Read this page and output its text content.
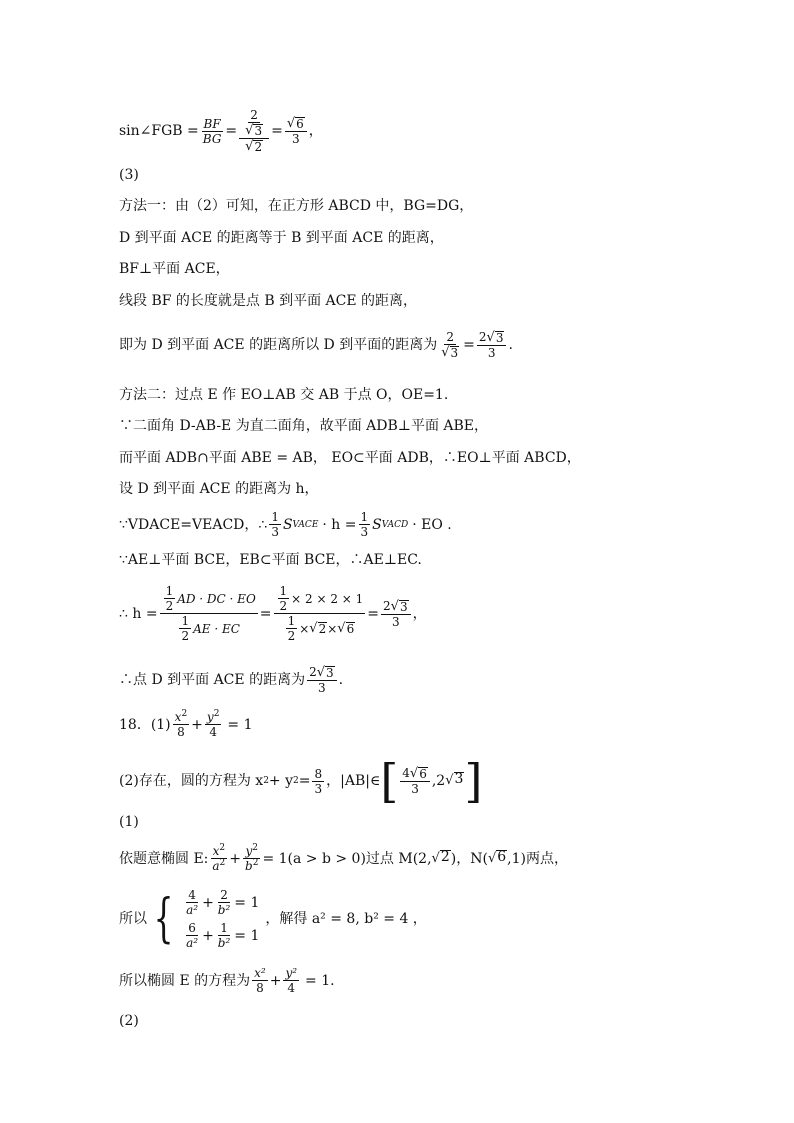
sin∠FGB = $\frac{BF}{BG} = \frac{\frac{2}{√ 3}}{√ 2} = \frac{√ 6}{3}$ ，
(3)
方法一：由（2）可知，在正方形 ABCD 中，BG=DG，
D 到平面 ACE 的距离等于 B 到平面 ACE 的距离，
BF⊥平面 ACE，
线段 BF 的长度就是点 B 到平面 ACE 的距离，
即为 D 到平面 ACE 的距离所以 D 到平面的距离为 $\frac{2}{√ 3} = \frac{2 √ 3}{3}$ .
方法二：过点 E 作 EO⊥AB 交 AB 于点 O，OE=1.
∵二面角 D-AB-E 为直二面角，故平面 ADB⊥平面 ABE，
而平面 ADB∩平面 ABE = AB， EO⊂平面 ADB，∴EO⊥平面 ABCD，
设 D 到平面 ACE 的距离为 h，
∵VDACE=VEACD，∴ $\frac{1}{3}$ S VACE · $h = \frac{1}{3}$ S VACD · EO .
∵AE⊥平面 BCE，EB⊂平面 BCE，∴AE⊥EC.
∴ $h = \frac{\frac{1}{2} AD \cdot DC \cdot EO}{\frac{1}{2} AE \cdot EC} = \frac{\frac{1}{2} \times 2 \times 2 \times 1}{\frac{1}{2} \times √ 2 \times √ 6} = \frac{2 √ 3}{3}$ ，
∴点 D 到平面 ACE 的距离为 $\frac{2 √ 3}{3}$ .
18．$(1) \frac{x^2}{8} + \frac{y^2}{4} = 1$
(2)存在，圆的方程为 x 2 + y $2 = \frac{8}{3}$ ，|AB|∈ [ $\frac{4 √ 6}{3} ,2$ √ 3 ]
(1)
依题意椭圆 E: $\frac{x^2}{a^2} + \frac{y^2}{b^2} = 1(a > b > 0)$过点 M (2, √ 2 )，N ( √ 6 ,1)两点，
所以 { $\frac{4}{\text{a²}} + \frac{2}{\text{b²}} = 1$
$\frac{6}{\text{a²}} + \frac{1}{\text{b²}} = 1$
，解得 a² = 8, b² = 4 ，
所以椭圆 E 的方程为 $\frac{\text{x²}}{8} + \frac{\text{y²}}{4} = 1$.
(2)
